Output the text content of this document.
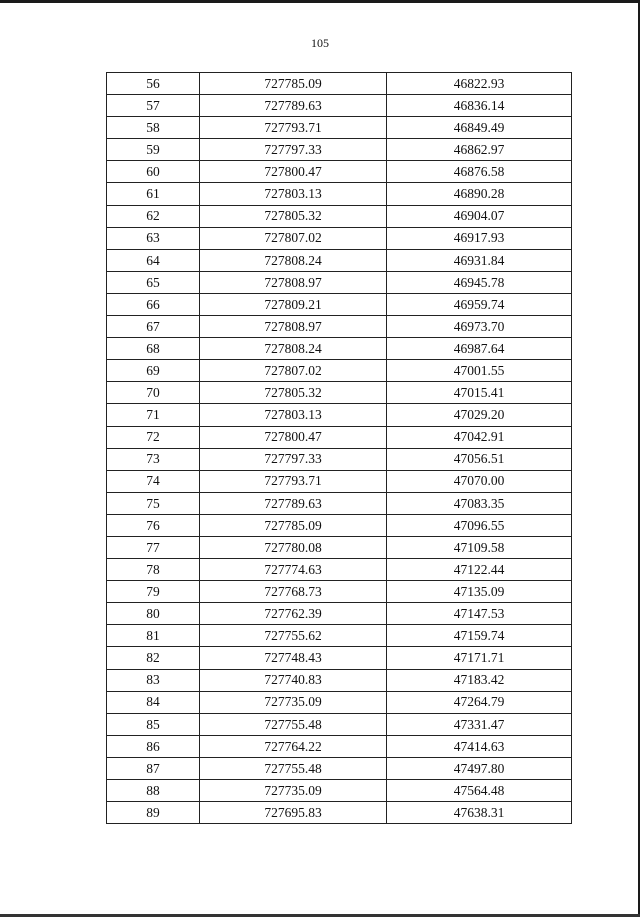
105
56	727785.09	46822.93
57	727789.63	46836.14
58	727793.71	46849.49
59	727797.33	46862.97
60	727800.47	46876.58
61	727803.13	46890.28
62	727805.32	46904.07
63	727807.02	46917.93
64	727808.24	46931.84
65	727808.97	46945.78
66	727809.21	46959.74
67	727808.97	46973.70
68	727808.24	46987.64
69	727807.02	47001.55
70	727805.32	47015.41
71	727803.13	47029.20
72	727800.47	47042.91
73	727797.33	47056.51
74	727793.71	47070.00
75	727789.63	47083.35
76	727785.09	47096.55
77	727780.08	47109.58
78	727774.63	47122.44
79	727768.73	47135.09
80	727762.39	47147.53
81	727755.62	47159.74
82	727748.43	47171.71
83	727740.83	47183.42
84	727735.09	47264.79
85	727755.48	47331.47
86	727764.22	47414.63
87	727755.48	47497.80
88	727735.09	47564.48
89	727695.83	47638.31
